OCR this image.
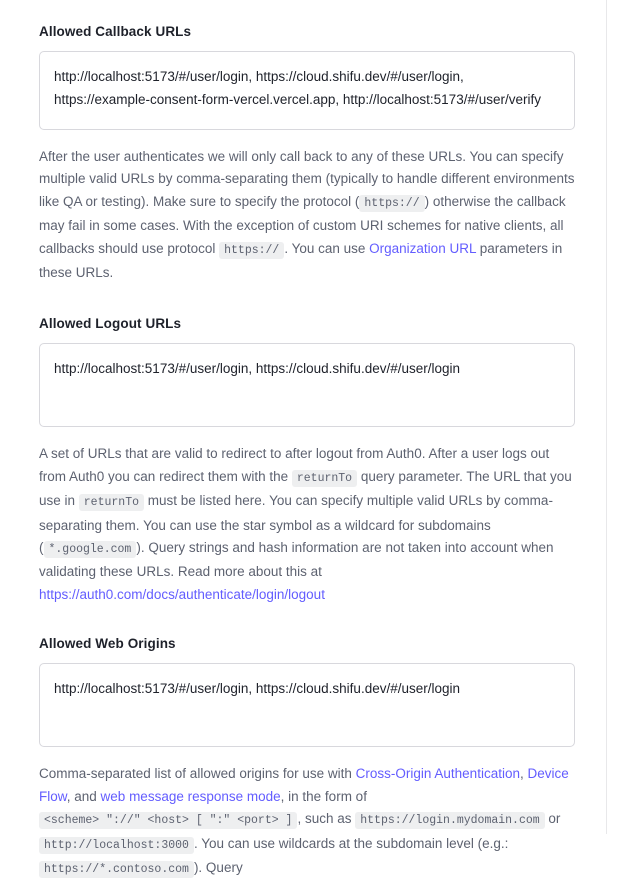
Allowed Callback URLs
http://localhost:5173/#/user/login, https://cloud.shifu.dev/#/user/login, https://example-consent-form-vercel.vercel.app, http://localhost:5173/#/user/verify
After the user authenticates we will only call back to any of these URLs. You can specify multiple valid URLs by comma-separating them (typically to handle different environments like QA or testing). Make sure to specify the protocol ( https:// ) otherwise the callback may fail in some cases. With the exception of custom URI schemes for native clients, all callbacks should use protocol https:// . You can use Organization URL parameters in these URLs.
Allowed Logout URLs
http://localhost:5173/#/user/login, https://cloud.shifu.dev/#/user/login
A set of URLs that are valid to redirect to after logout from Auth0. After a user logs out from Auth0 you can redirect them with the returnTo query parameter. The URL that you use in returnTo must be listed here. You can specify multiple valid URLs by comma-separating them. You can use the star symbol as a wildcard for subdomains ( *.google.com ). Query strings and hash information are not taken into account when validating these URLs. Read more about this at https://auth0.com/docs/authenticate/login/logout
Allowed Web Origins
http://localhost:5173/#/user/login, https://cloud.shifu.dev/#/user/login
Comma-separated list of allowed origins for use with Cross-Origin Authentication, Device Flow, and web message response mode, in the form of <scheme> "://" <host> [ ":" <port> ] , such as https://login.mydomain.com or http://localhost:3000 . You can use wildcards at the subdomain level (e.g.: https://*.contoso.com ). Query
